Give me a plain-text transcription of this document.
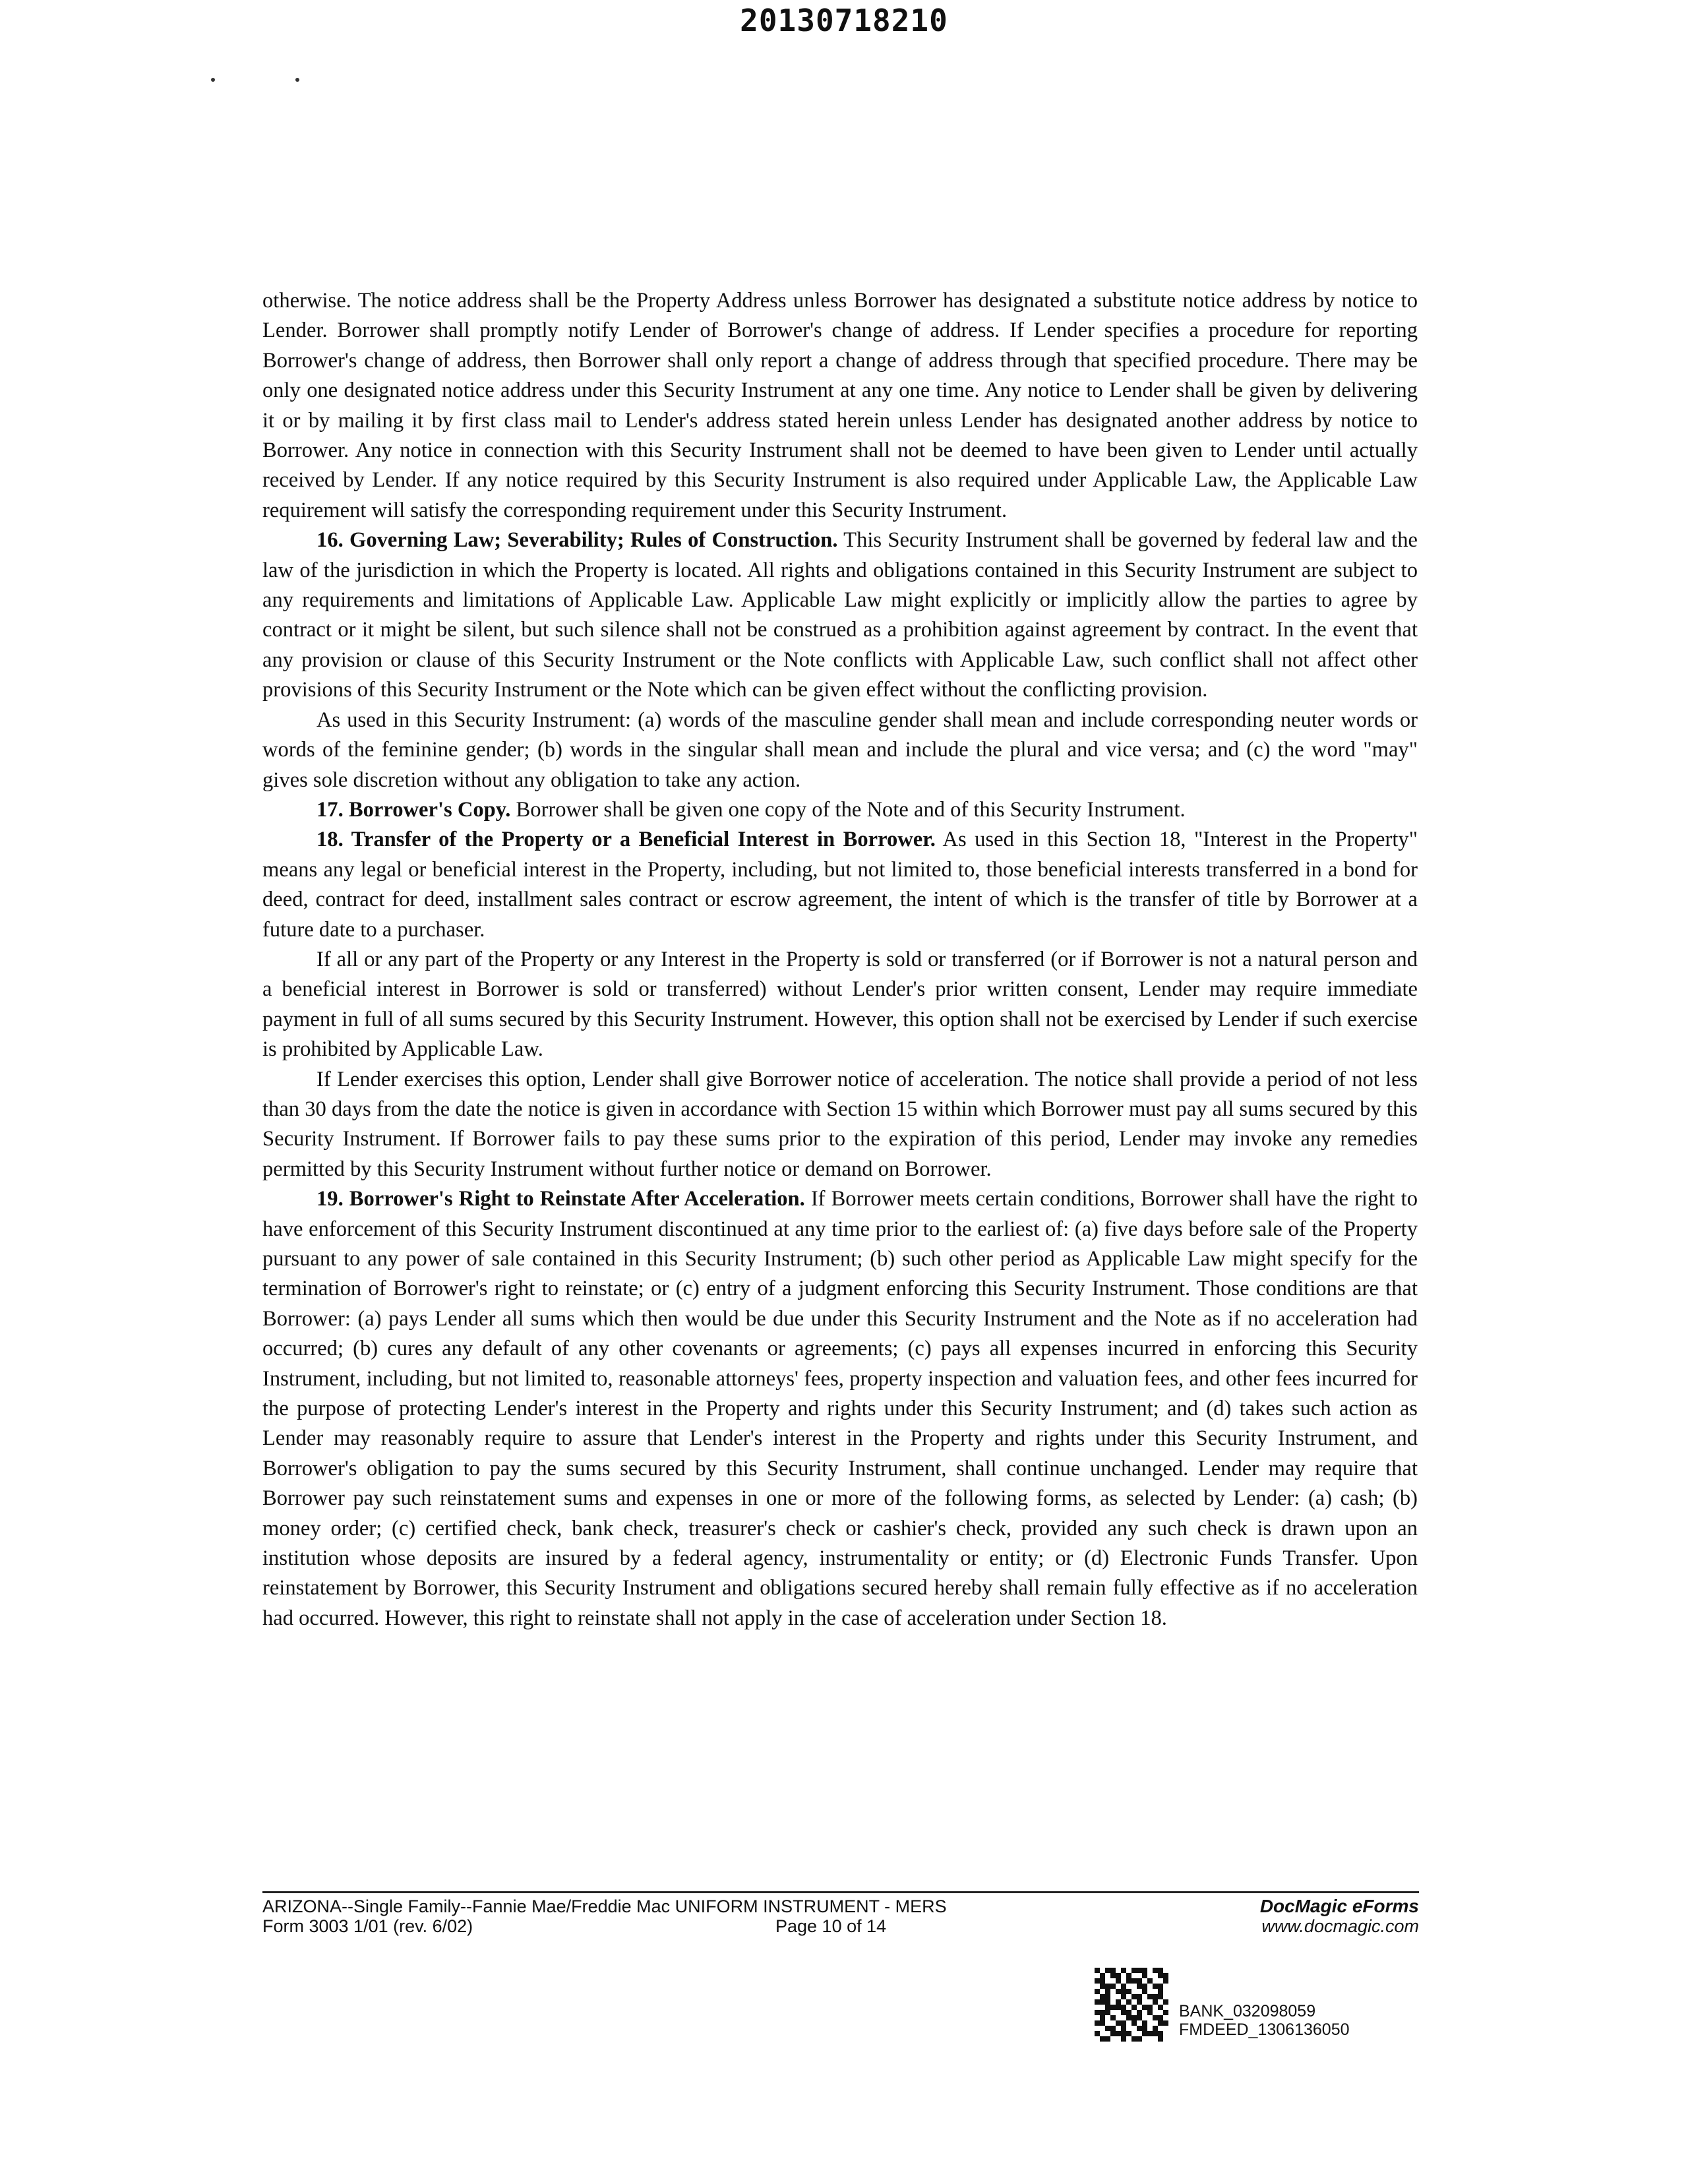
20130718210

otherwise. The notice address shall be the Property Address unless Borrower has designated a substitute notice address by notice to Lender. Borrower shall promptly notify Lender of Borrower's change of address. If Lender specifies a procedure for reporting Borrower's change of address, then Borrower shall only report a change of address through that specified procedure. There may be only one designated notice address under this Security Instrument at any one time. Any notice to Lender shall be given by delivering it or by mailing it by first class mail to Lender's address stated herein unless Lender has designated another address by notice to Borrower. Any notice in connection with this Security Instrument shall not be deemed to have been given to Lender until actually received by Lender. If any notice required by this Security Instrument is also required under Applicable Law, the Applicable Law requirement will satisfy the corresponding requirement under this Security Instrument.

16. Governing Law; Severability; Rules of Construction. This Security Instrument shall be governed by federal law and the law of the jurisdiction in which the Property is located. All rights and obligations contained in this Security Instrument are subject to any requirements and limitations of Applicable Law. Applicable Law might explicitly or implicitly allow the parties to agree by contract or it might be silent, but such silence shall not be construed as a prohibition against agreement by contract. In the event that any provision or clause of this Security Instrument or the Note conflicts with Applicable Law, such conflict shall not affect other provisions of this Security Instrument or the Note which can be given effect without the conflicting provision.

As used in this Security Instrument: (a) words of the masculine gender shall mean and include corresponding neuter words or words of the feminine gender; (b) words in the singular shall mean and include the plural and vice versa; and (c) the word "may" gives sole discretion without any obligation to take any action.

17. Borrower's Copy. Borrower shall be given one copy of the Note and of this Security Instrument.

18. Transfer of the Property or a Beneficial Interest in Borrower. As used in this Section 18, "Interest in the Property" means any legal or beneficial interest in the Property, including, but not limited to, those beneficial interests transferred in a bond for deed, contract for deed, installment sales contract or escrow agreement, the intent of which is the transfer of title by Borrower at a future date to a purchaser.

If all or any part of the Property or any Interest in the Property is sold or transferred (or if Borrower is not a natural person and a beneficial interest in Borrower is sold or transferred) without Lender's prior written consent, Lender may require immediate payment in full of all sums secured by this Security Instrument. However, this option shall not be exercised by Lender if such exercise is prohibited by Applicable Law.

If Lender exercises this option, Lender shall give Borrower notice of acceleration. The notice shall provide a period of not less than 30 days from the date the notice is given in accordance with Section 15 within which Borrower must pay all sums secured by this Security Instrument. If Borrower fails to pay these sums prior to the expiration of this period, Lender may invoke any remedies permitted by this Security Instrument without further notice or demand on Borrower.

19. Borrower's Right to Reinstate After Acceleration. If Borrower meets certain conditions, Borrower shall have the right to have enforcement of this Security Instrument discontinued at any time prior to the earliest of: (a) five days before sale of the Property pursuant to any power of sale contained in this Security Instrument; (b) such other period as Applicable Law might specify for the termination of Borrower's right to reinstate; or (c) entry of a judgment enforcing this Security Instrument. Those conditions are that Borrower: (a) pays Lender all sums which then would be due under this Security Instrument and the Note as if no acceleration had occurred; (b) cures any default of any other covenants or agreements; (c) pays all expenses incurred in enforcing this Security Instrument, including, but not limited to, reasonable attorneys' fees, property inspection and valuation fees, and other fees incurred for the purpose of protecting Lender's interest in the Property and rights under this Security Instrument; and (d) takes such action as Lender may reasonably require to assure that Lender's interest in the Property and rights under this Security Instrument, and Borrower's obligation to pay the sums secured by this Security Instrument, shall continue unchanged. Lender may require that Borrower pay such reinstatement sums and expenses in one or more of the following forms, as selected by Lender: (a) cash; (b) money order; (c) certified check, bank check, treasurer's check or cashier's check, provided any such check is drawn upon an institution whose deposits are insured by a federal agency, instrumentality or entity; or (d) Electronic Funds Transfer. Upon reinstatement by Borrower, this Security Instrument and obligations secured hereby shall remain fully effective as if no acceleration had occurred. However, this right to reinstate shall not apply in the case of acceleration under Section 18.

ARIZONA--Single Family--Fannie Mae/Freddie Mac UNIFORM INSTRUMENT - MERS
Form 3003 1/01 (rev. 6/02)	Page 10 of 14
DocMagic eForms
www.docmagic.com
BANK_032098059
FMDEED_1306136050
